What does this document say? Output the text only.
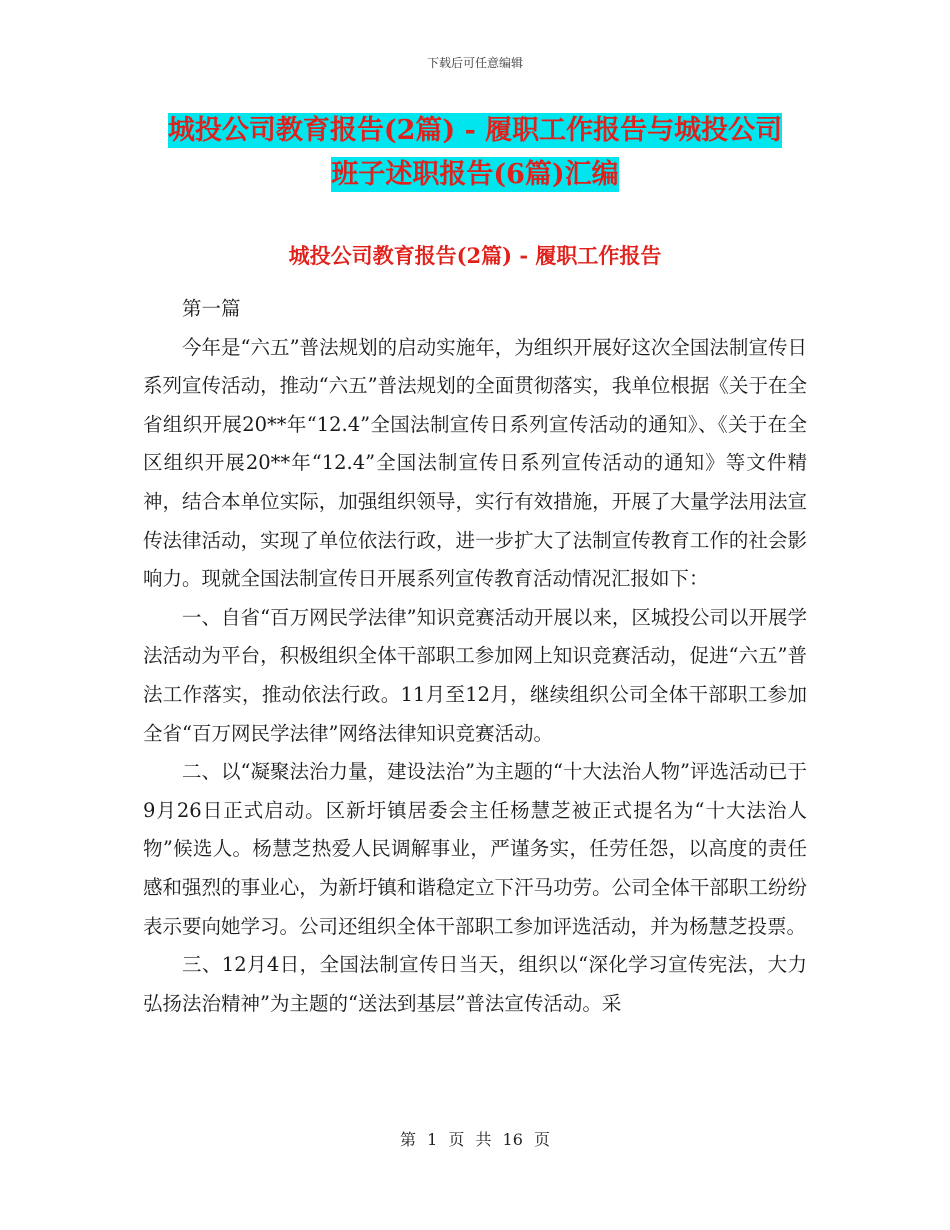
下载后可任意编辑
城投公司教育报告(2篇) - 履职工作报告与城投公司
班子述职报告(6篇)汇编
城投公司教育报告(2篇) - 履职工作报告

第一篇

今年是“六五”普法规划的启动实施年，为组织开展好这次全国法制宣传日系列宣传活动，推动“六五”普法规划的全面贯彻落实，我单位根据《关于在全省组织开展20**年“12.4”全国法制宣传日系列宣传活动的通知》、《关于在全区组织开展20**年“12.4”全国法制宣传日系列宣传活动的通知》等文件精神，结合本单位实际，加强组织领导，实行有效措施，开展了大量学法用法宣传法律活动，实现了单位依法行政，进一步扩大了法制宣传教育工作的社会影响力。现就全国法制宣传日开展系列宣传教育活动情况汇报如下：

一、自省“百万网民学法律”知识竞赛活动开展以来，区城投公司以开展学法活动为平台，积极组织全体干部职工参加网上知识竞赛活动，促进“六五”普法工作落实，推动依法行政。11月至12月，继续组织公司全体干部职工参加全省“百万网民学法律”网络法律知识竞赛活动。

二、以“凝聚法治力量，建设法治”为主题的“十大法治人物”评选活动已于9月26日正式启动。区新圩镇居委会主任杨慧芝被正式提名为“十大法治人物”候选人。杨慧芝热爱人民调解事业，严谨务实，任劳任怨，以高度的责任感和强烈的事业心，为新圩镇和谐稳定立下汗马功劳。公司全体干部职工纷纷表示要向她学习。公司还组织全体干部职工参加评选活动，并为杨慧芝投票。

三、12月4日，全国法制宣传日当天，组织以“深化学习宣传宪法，大力弘扬法治精神”为主题的“送法到基层”普法宣传活动。采

第 1 页 共 16 页
